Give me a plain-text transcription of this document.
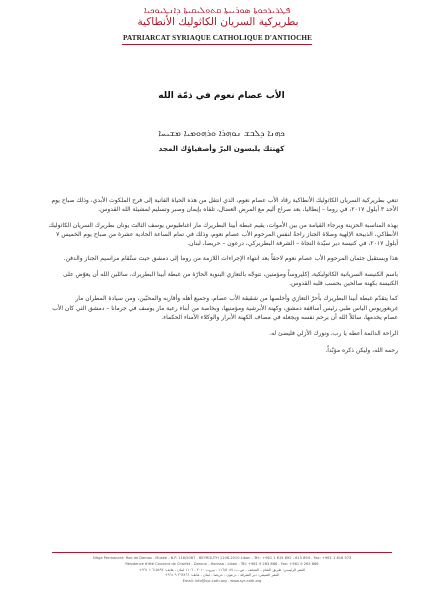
ܦܛܪܝܪܟܘܬܐ ܣܘܪܝܝܬܐ ܩܬܘܠܝܩܝܬܐ ܕܐܢܛܝܘܟܝܐ
بطريركية السريان الكاثوليك الأنطاكية
PATRIARCAT SYRIAQUE CATHOLIQUE D'ANTIOCHE
الأب عصام نعوم في ذمّة الله
ܟܗܢܐ ܕܠܒܫ ܢܘܗܪܐ ܘܪܗܘܡܝܐ ܡܫܝܚܐ
كهنتك يلبسون البرّ وأصفياؤك المجد

تنعي بطريركية السريان الكاثوليك الأنطاكية رقاد الأب عصام نعوم، الذي انتقل من هذه الحياة الفانية إلى فرح الملكوت الأبدي، وذلك صباح يوم الأحد ٣ أيلول ٢٠١٧، في روما – إيطاليا، بعد صراع أليم مع المرض العضال، تلقاه بإيمان وصبر وتسليم لمشيئة الله القدوس.

بهذه المناسبة الحزينة وبرجاء القيامة من بين الأموات، يقيم غبطة أبينا البطريرك مار اغناطيوس يوسف الثالث يونان بطريرك السريان الكاثوليك الأنطاكي، الذبيحة الإلهية وصلاة الجناز راحةً لنفس المرحوم الأب عصام نعوم، وذلك في تمام الساعة الحادية عشرة من صباح يوم الخميس ٧ أيلول ٢٠١٧، في كنيسة دير سيّدة النجاة – الشرفة البطريركي، درعون – حريصا، لبنان.

هذا ويستقبل جثمان المرحوم الأب عصام نعوم لاحقاً بعد انتهاء الإجراءات اللازمة من روما إلى دمشق حيث ستُقام مراسيم الجناز والدفن.

باسم الكنيسة السريانية الكاثوليكية، إكليروساً ومؤمنين، نتوجّه بالتعازي البنوية الحارّة من غبطة أبينا البطريرك، سائلين الله أن يعوّض على الكنيسة بكهنة صالحين بحسب قلبه القدوس.

كما يتقدّم غبطة أبينا البطريرك بأحرّ التعازي وأخلصها من شقيقة الأب عصام، وجميع أهله وأقاربه والمحبّين، ومن سيادة المطران مار غريغوريوس الياس طبي رئيس أساقفة دمشق، وكهنة الأبرشية ومؤمنيها، وبخاصة من أبناء رعية مار يوسف في جرمانا – دمشق التي كان الأب عصام يخدمها، سائلاً الله أن يرحم نفسه ويجعله في مصاف الكهنة الأبرار والوكلاء الأمناء الحكماء.

الراحة الدائمة أعطه يا رب، ونورك الأزلي فليضئ له.

رحمه الله، وليكن ذكره مؤبّداً.

Siège Permanent: Rue de Damas - Musée - B.P. 116/5087 - BEYROUTH 1106-2010 Liban - Tél.: +961 1 615 892 - 615 894 - Fax: +961 1 616 573
Résidence d'été Couvent de Charfet - Daroun - Harissa - Liban - Tél: +961 9 263 866 - Fax: +961 9 263 866
المقر الرئيسي: طريق الشام - المتحف - ص.ب: ١١٦/٥٠٨٧ - بيروت ٢٠١٠ - ١١٠٦ لبنان - هاتف: ٦١٥٨٩٢ ١ ٩٦١+
المقر الصيفي: دير الشرفة - درعون - حريصا - لبنان - هاتف: ٢٦٣٨٦٦ ٩ ٩٦١+
Email: info@syr-cath.org - www.syr-cath.org
